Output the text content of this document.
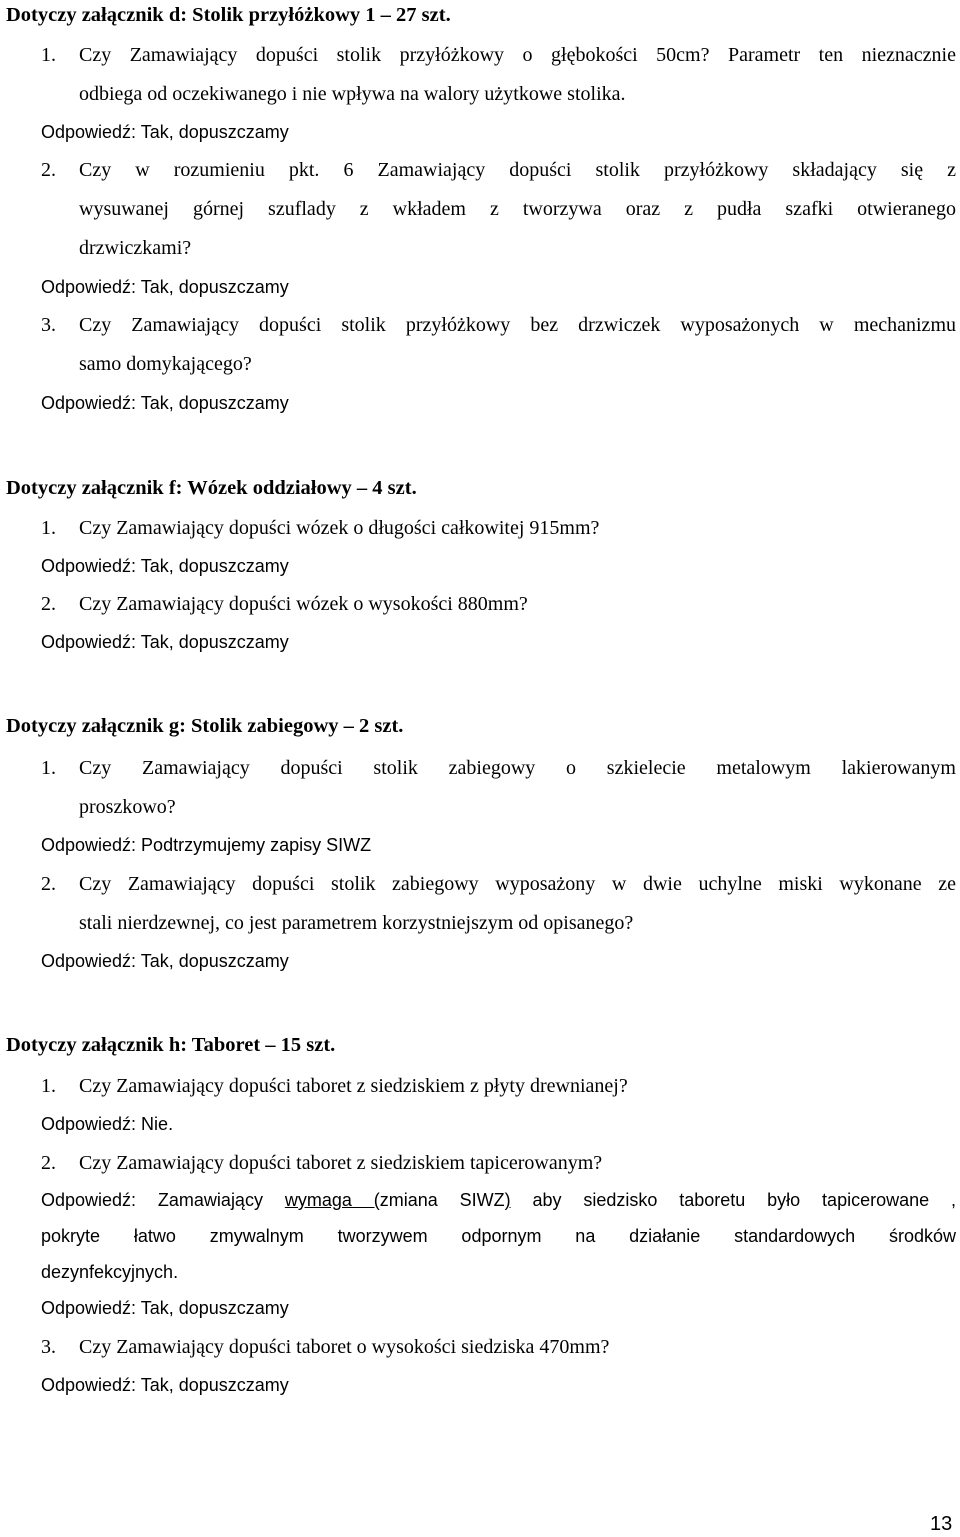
Dotyczy załącznik d: Stolik przyłóżkowy 1 – 27 szt.
1. Czy Zamawiający dopuści stolik przyłóżkowy o głębokości 50cm? Parametr ten nieznacznie
odbiega od oczekiwanego i nie wpływa na walory użytkowe stolika.
Odpowiedź: Tak, dopuszczamy
2. Czy w rozumieniu pkt. 6 Zamawiający dopuści stolik przyłóżkowy składający się z
wysuwanej górnej szuflady z wkładem z tworzywa oraz z pudła szafki otwieranego
drzwiczkami?
Odpowiedź: Tak, dopuszczamy
3. Czy Zamawiający dopuści stolik przyłóżkowy bez drzwiczek wyposażonych w mechanizmu
samo domykającego?
Odpowiedź: Tak, dopuszczamy
Dotyczy załącznik f: Wózek oddziałowy – 4 szt.
1. Czy Zamawiający dopuści wózek o długości całkowitej 915mm?
Odpowiedź: Tak, dopuszczamy
2. Czy Zamawiający dopuści wózek o wysokości 880mm?
Odpowiedź: Tak, dopuszczamy
Dotyczy załącznik g: Stolik zabiegowy – 2 szt.
1. Czy Zamawiający dopuści stolik zabiegowy o szkielecie metalowym lakierowanym
proszkowo?
Odpowiedź: Podtrzymujemy zapisy SIWZ
2. Czy Zamawiający dopuści stolik zabiegowy wyposażony w dwie uchylne miski wykonane ze
stali nierdzewnej, co jest parametrem korzystniejszym od opisanego?
Odpowiedź: Tak, dopuszczamy
Dotyczy załącznik h: Taboret – 15 szt.
1. Czy Zamawiający dopuści taboret z siedziskiem z płyty drewnianej?
Odpowiedź: Nie.
2. Czy Zamawiający dopuści taboret z siedziskiem tapicerowanym?
Odpowiedź: Zamawiający wymaga (zmiana SIWZ) aby siedzisko taboretu było tapicerowane ,
pokryte łatwo zmywalnym tworzywem odpornym na działanie standardowych środków
dezynfekcyjnych.
Odpowiedź: Tak, dopuszczamy
3. Czy Zamawiający dopuści taboret o wysokości siedziska 470mm?
Odpowiedź: Tak, dopuszczamy
13
